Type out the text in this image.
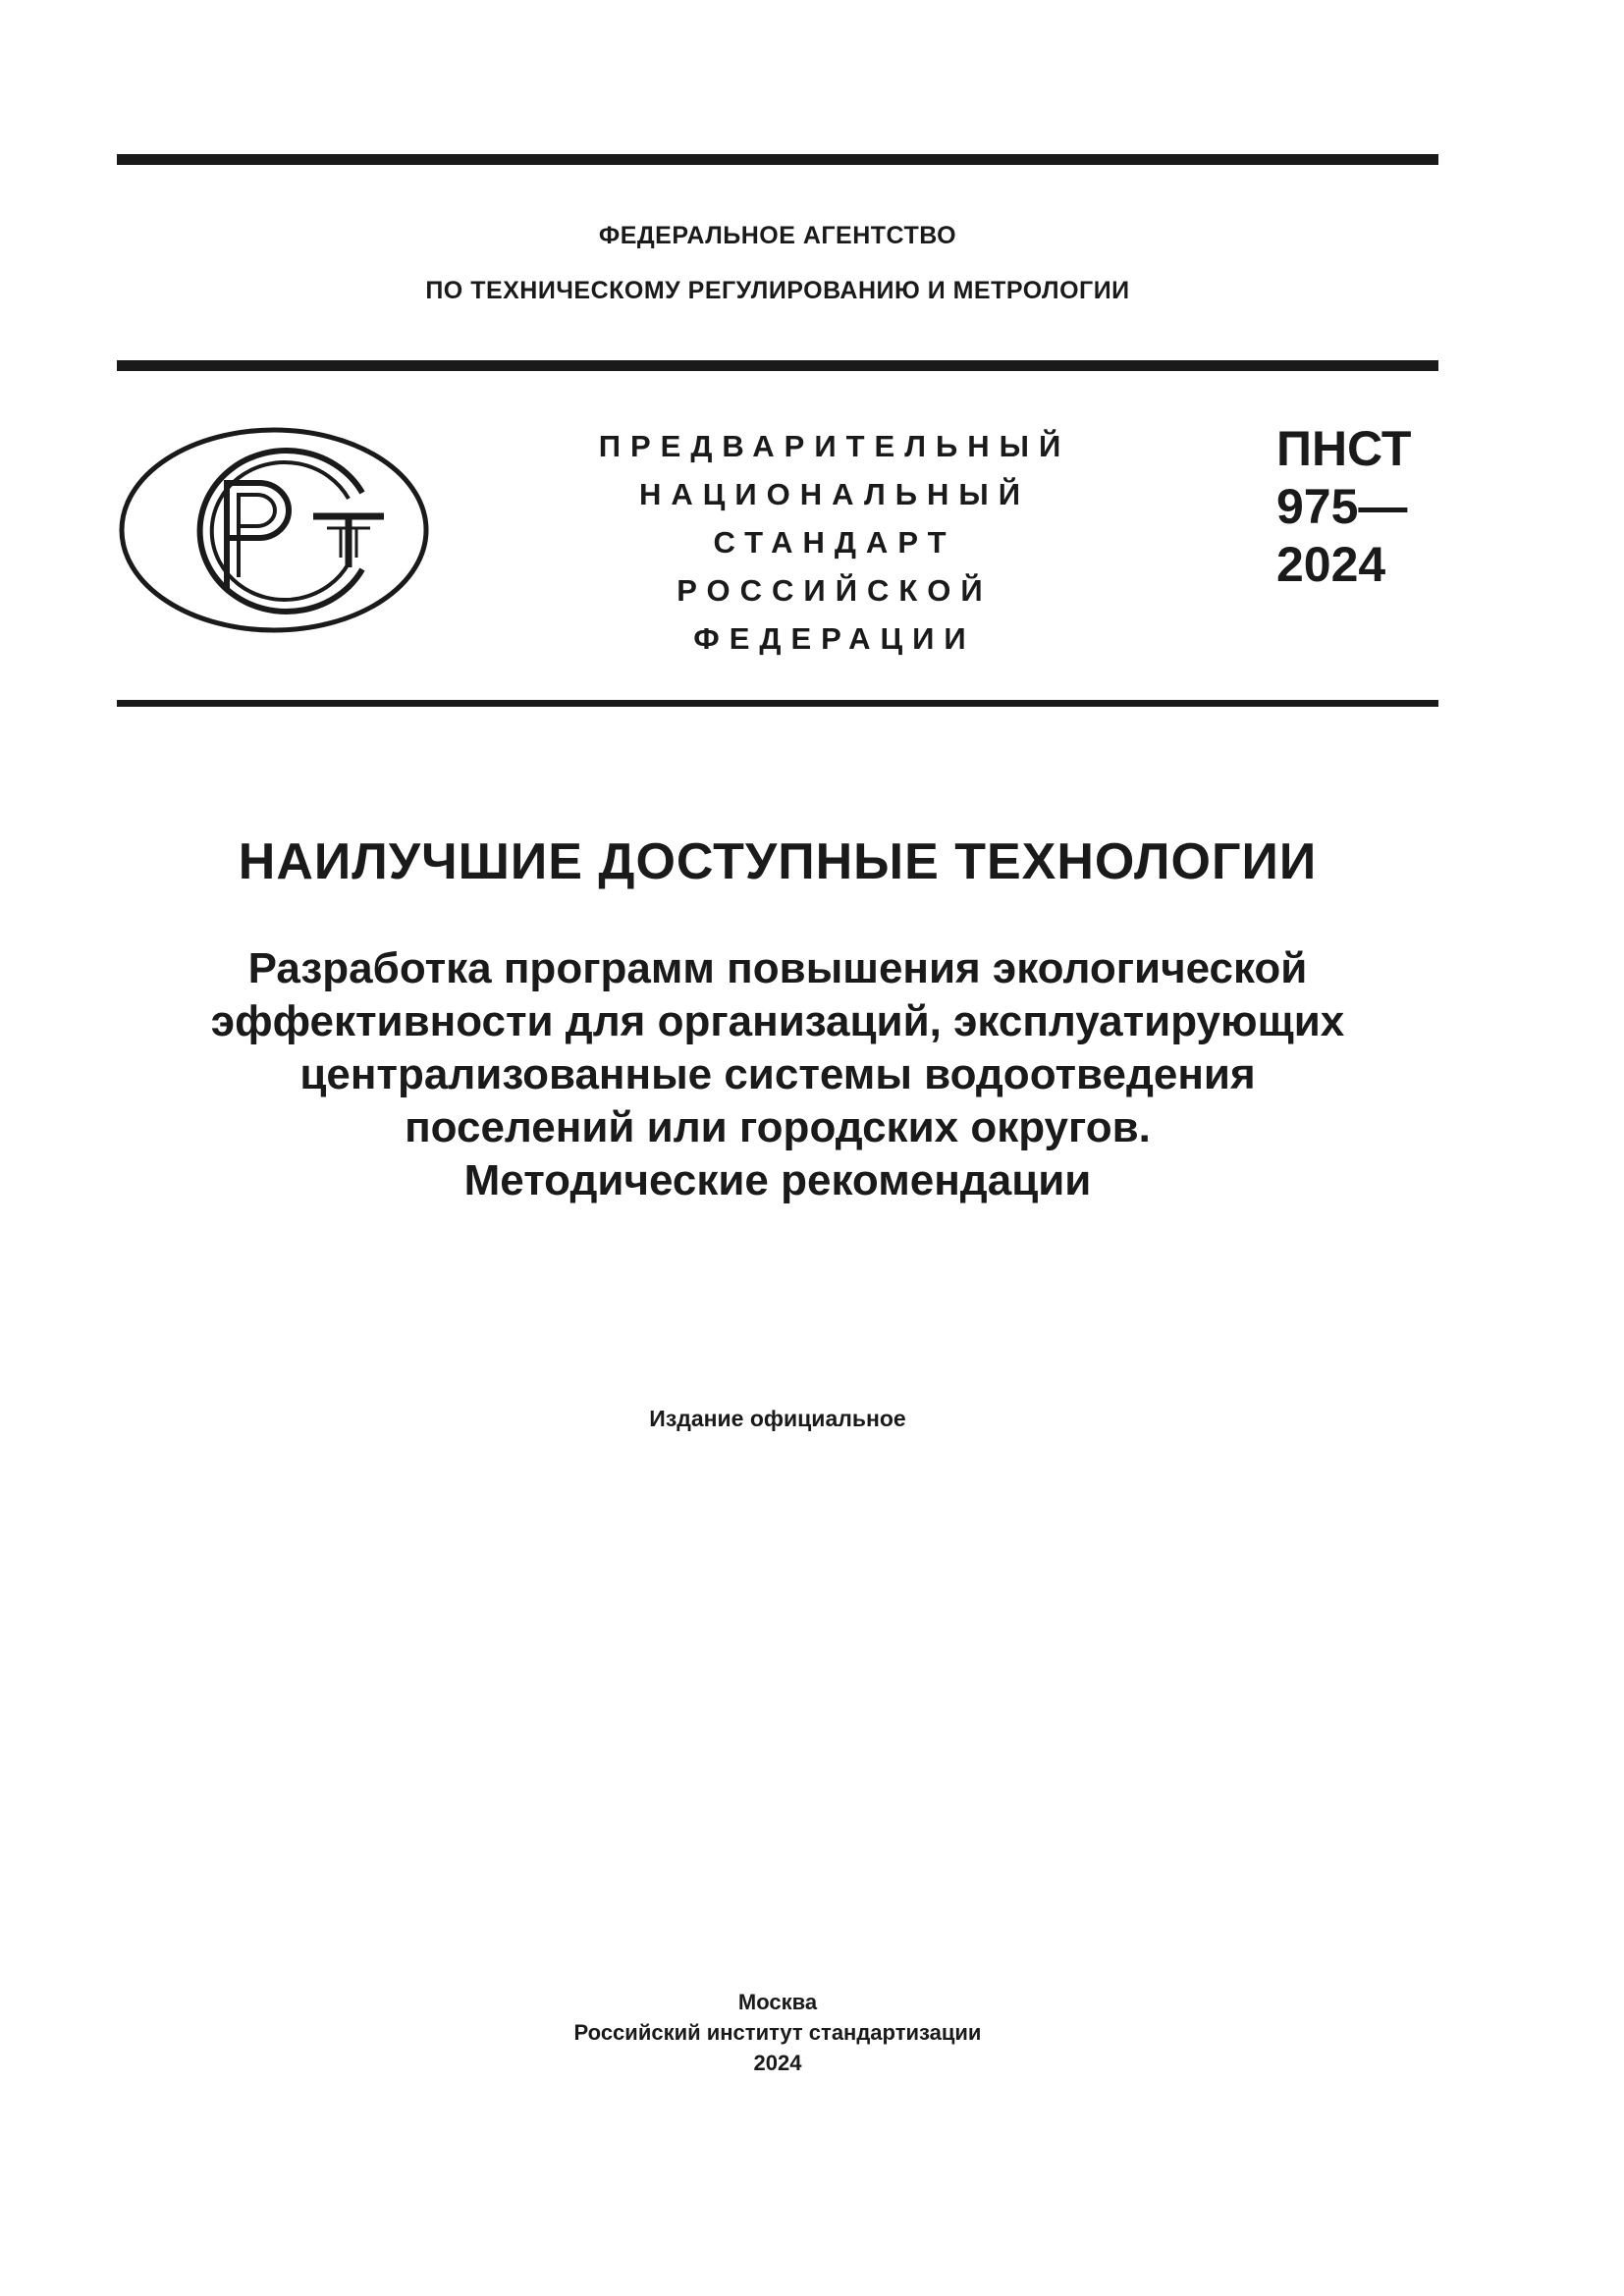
ФЕДЕРАЛЬНОЕ АГЕНТСТВО
ПО ТЕХНИЧЕСКОМУ РЕГУЛИРОВАНИЮ И МЕТРОЛОГИИ
ПРЕДВАРИТЕЛЬНЫЙ
НАЦИОНАЛЬНЫЙ
СТАНДАРТ
РОССИЙСКОЙ
ФЕДЕРАЦИИ
ПНСТ
975—
2024
НАИЛУЧШИЕ ДОСТУПНЫЕ ТЕХНОЛОГИИ
Разработка программ повышения экологической
эффективности для организаций, эксплуатирующих
централизованные системы водоотведения
поселений или городских округов.
Методические рекомендации
Издание официальное
Москва
Российский институт стандартизации
2024
